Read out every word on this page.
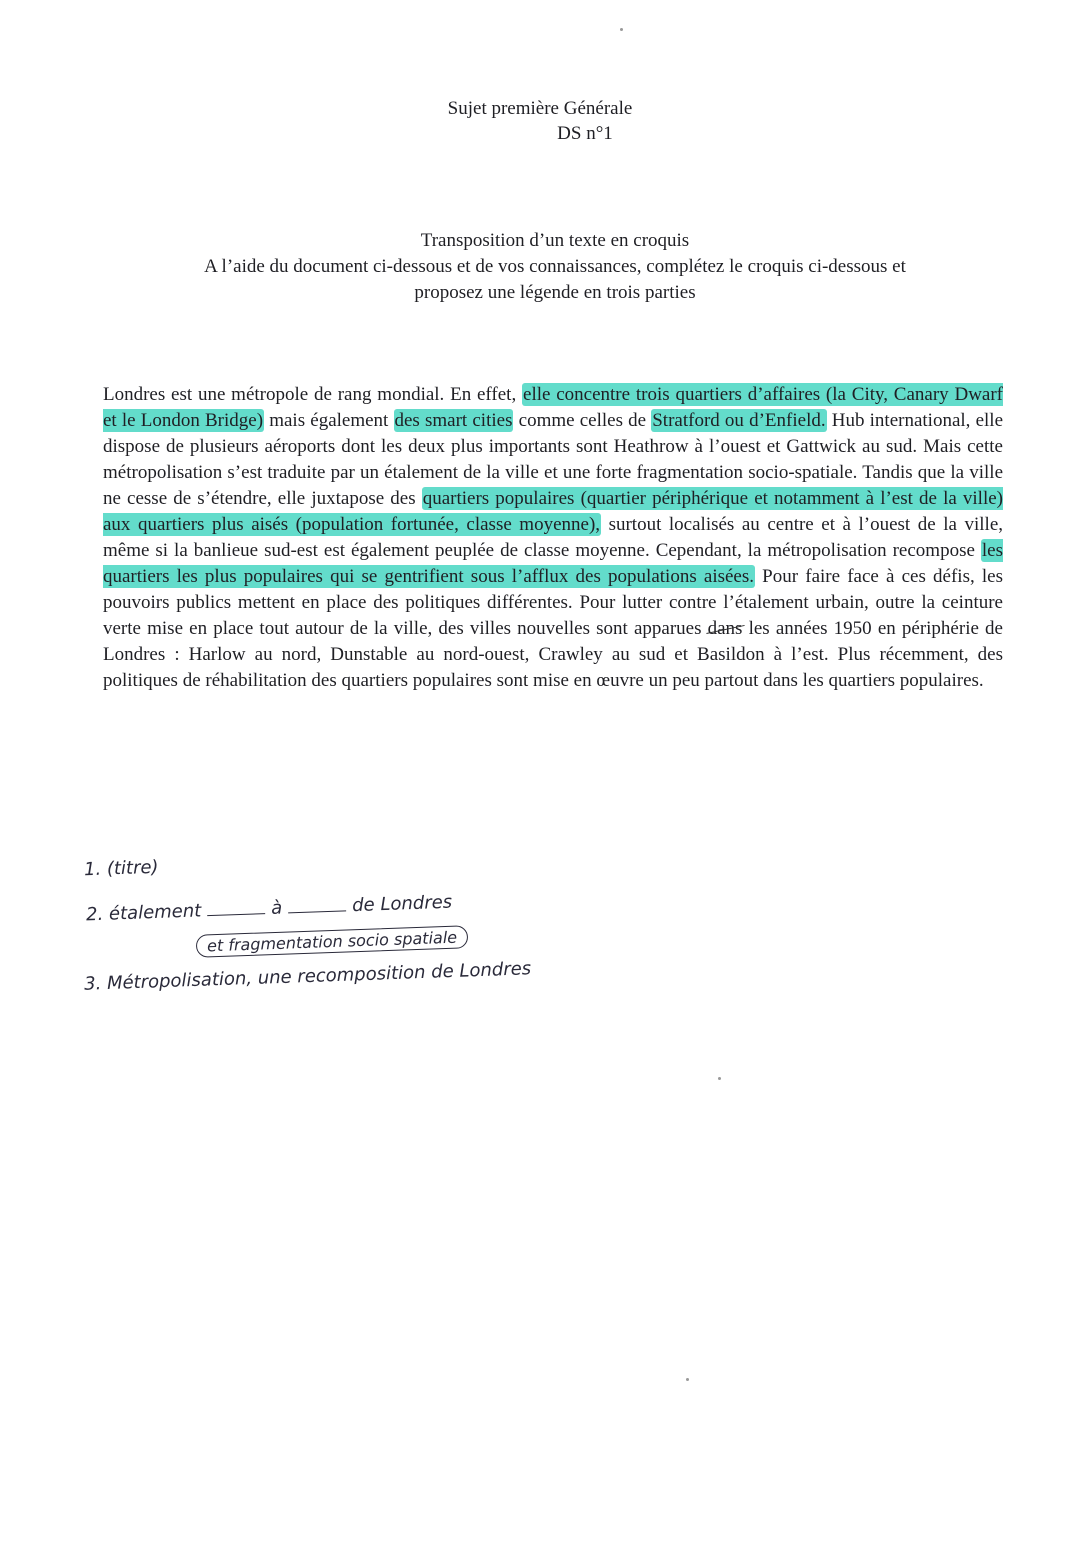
Sujet première Générale
DS n°1
Transposition d’un texte en croquis
A l’aide du document ci-dessous et de vos connaissances, complétez le croquis ci-dessous et
proposez une légende en trois parties
Londres est une métropole de rang mondial. En effet, elle concentre trois quartiers d’affaires (la City, Canary Dwarf et le London Bridge) mais également des smart cities comme celles de Stratford ou d’Enfield. Hub international, elle dispose de plusieurs aéroports dont les deux plus importants sont Heathrow à l’ouest et Gattwick au sud. Mais cette métropolisation s’est traduite par un étalement de la ville et une forte fragmentation socio-spatiale. Tandis que la ville ne cesse de s’étendre, elle juxtapose des quartiers populaires (quartier périphérique et notamment à l’est de la ville) aux quartiers plus aisés (population fortunée, classe moyenne), surtout localisés au centre et à l’ouest de la ville, même si la banlieue sud-est est également peuplée de classe moyenne. Cependant, la métropolisation recompose les quartiers les plus populaires qui se gentrifient sous l’afflux des populations aisées. Pour faire face à ces défis, les pouvoirs publics mettent en place des politiques différentes. Pour lutter contre l’étalement urbain, outre la ceinture verte mise en place tout autour de la ville, des villes nouvelles sont apparues dans les années 1950 en périphérie de Londres : Harlow au nord, Dunstable au nord-ouest, Crawley au sud et Basildon à l’est. Plus récemment, des politiques de réhabilitation des quartiers populaires sont mise en œuvre un peu partout dans les quartiers populaires.
1. (titre)
2. étalement	à	de Londres
et fragmentation socio spatiale
3. Métropolisation, une recomposition de Londres
